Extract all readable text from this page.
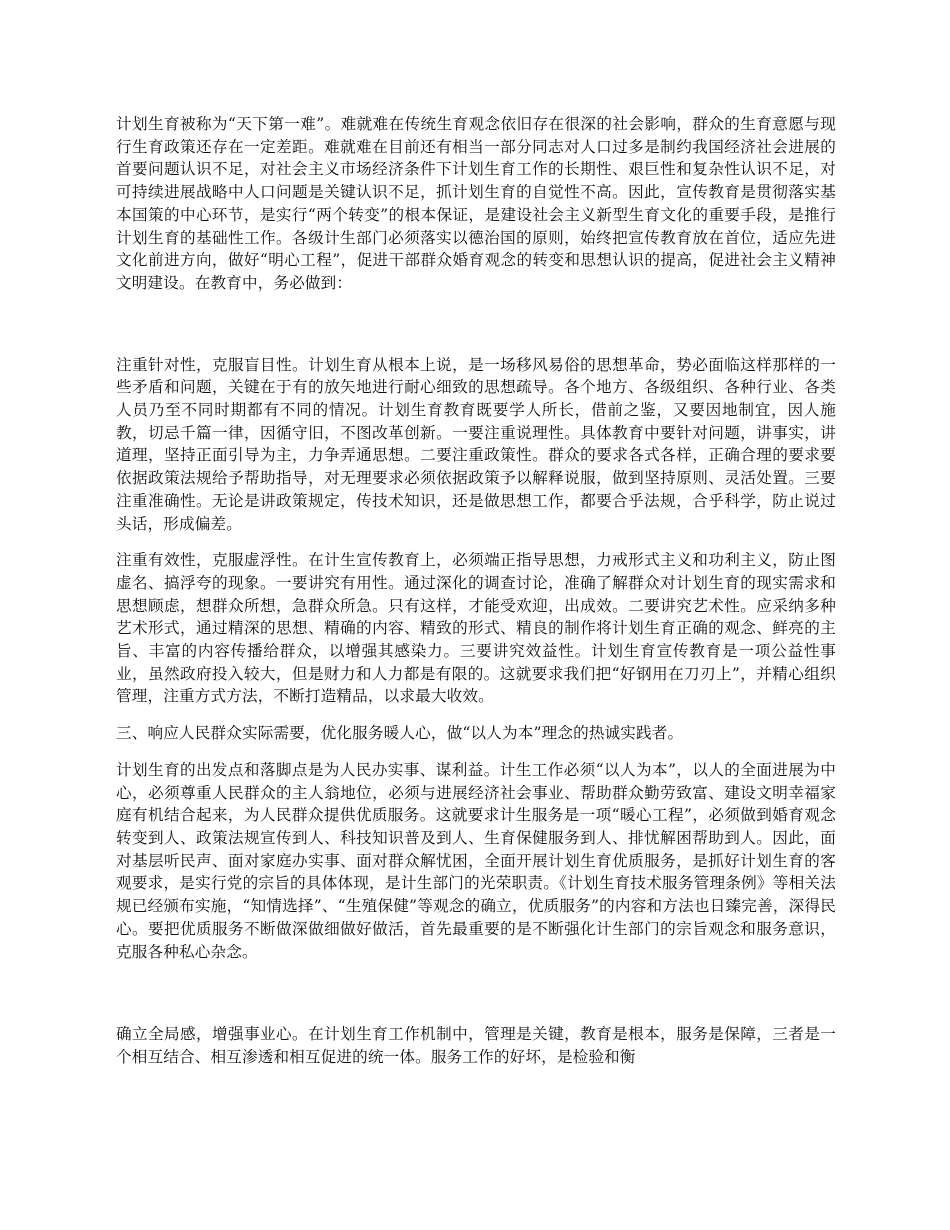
计划生育被称为“天下第一难”。难就难在传统生育观念依旧存在很深的社会影响，群众的生育意愿与现行生育政策还存在一定差距。难就难在目前还有相当一部分同志对人口过多是制约我国经济社会进展的首要问题认识不足，对社会主义市场经济条件下计划生育工作的长期性、艰巨性和复杂性认识不足，对可持续进展战略中人口问题是关键认识不足，抓计划生育的自觉性不高。因此，宣传教育是贯彻落实基本国策的中心环节，是实行“两个转变”的根本保证，是建设社会主义新型生育文化的重要手段，是推行计划生育的基础性工作。各级计生部门必须落实以德治国的原则，始终把宣传教育放在首位，适应先进文化前进方向，做好“明心工程”，促进干部群众婚育观念的转变和思想认识的提高，促进社会主义精神文明建设。在教育中，务必做到：

注重针对性，克服盲目性。计划生育从根本上说，是一场移风易俗的思想革命，势必面临这样那样的一些矛盾和问题，关键在于有的放矢地进行耐心细致的思想疏导。各个地方、各级组织、各种行业、各类人员乃至不同时期都有不同的情况。计划生育教育既要学人所长，借前之鉴，又要因地制宜，因人施教，切忌千篇一律，因循守旧，不图改革创新。一要注重说理性。具体教育中要针对问题，讲事实，讲道理，坚持正面引导为主，力争弄通思想。二要注重政策性。群众的要求各式各样，正确合理的要求要依据政策法规给予帮助指导，对无理要求必须依据政策予以解释说服，做到坚持原则、灵活处置。三要注重准确性。无论是讲政策规定，传技术知识，还是做思想工作，都要合乎法规，合乎科学，防止说过头话，形成偏差。

注重有效性，克服虚浮性。在计生宣传教育上，必须端正指导思想，力戒形式主义和功利主义，防止图虚名、搞浮夸的现象。一要讲究有用性。通过深化的调查讨论，准确了解群众对计划生育的现实需求和思想顾虑，想群众所想，急群众所急。只有这样，才能受欢迎，出成效。二要讲究艺术性。应采纳多种艺术形式，通过精深的思想、精确的内容、精致的形式、精良的制作将计划生育正确的观念、鲜亮的主旨、丰富的内容传播给群众，以增强其感染力。三要讲究效益性。计划生育宣传教育是一项公益性事业，虽然政府投入较大，但是财力和人力都是有限的。这就要求我们把“好钢用在刀刃上”，并精心组织管理，注重方式方法，不断打造精品，以求最大收效。

三、响应人民群众实际需要，优化服务暖人心，做“以人为本”理念的热诚实践者。

计划生育的出发点和落脚点是为人民办实事、谋利益。计生工作必须“以人为本”，以人的全面进展为中心，必须尊重人民群众的主人翁地位，必须与进展经济社会事业、帮助群众勤劳致富、建设文明幸福家庭有机结合起来，为人民群众提供优质服务。这就要求计生服务是一项“暖心工程”，必须做到婚育观念转变到人、政策法规宣传到人、科技知识普及到人、生育保健服务到人、排忧解困帮助到人。因此，面对基层听民声、面对家庭办实事、面对群众解忧困，全面开展计划生育优质服务，是抓好计划生育的客观要求，是实行党的宗旨的具体体现，是计生部门的光荣职责。《计划生育技术服务管理条例》等相关法规已经颁布实施，“知情选择”、“生殖保健”等观念的确立，优质服务”的内容和方法也日臻完善，深得民心。要把优质服务不断做深做细做好做活，首先最重要的是不断强化计生部门的宗旨观念和服务意识，克服各种私心杂念。

确立全局感，增强事业心。在计划生育工作机制中，管理是关键，教育是根本，服务是保障，三者是一个相互结合、相互渗透和相互促进的统一体。服务工作的好坏，是检验和衡
